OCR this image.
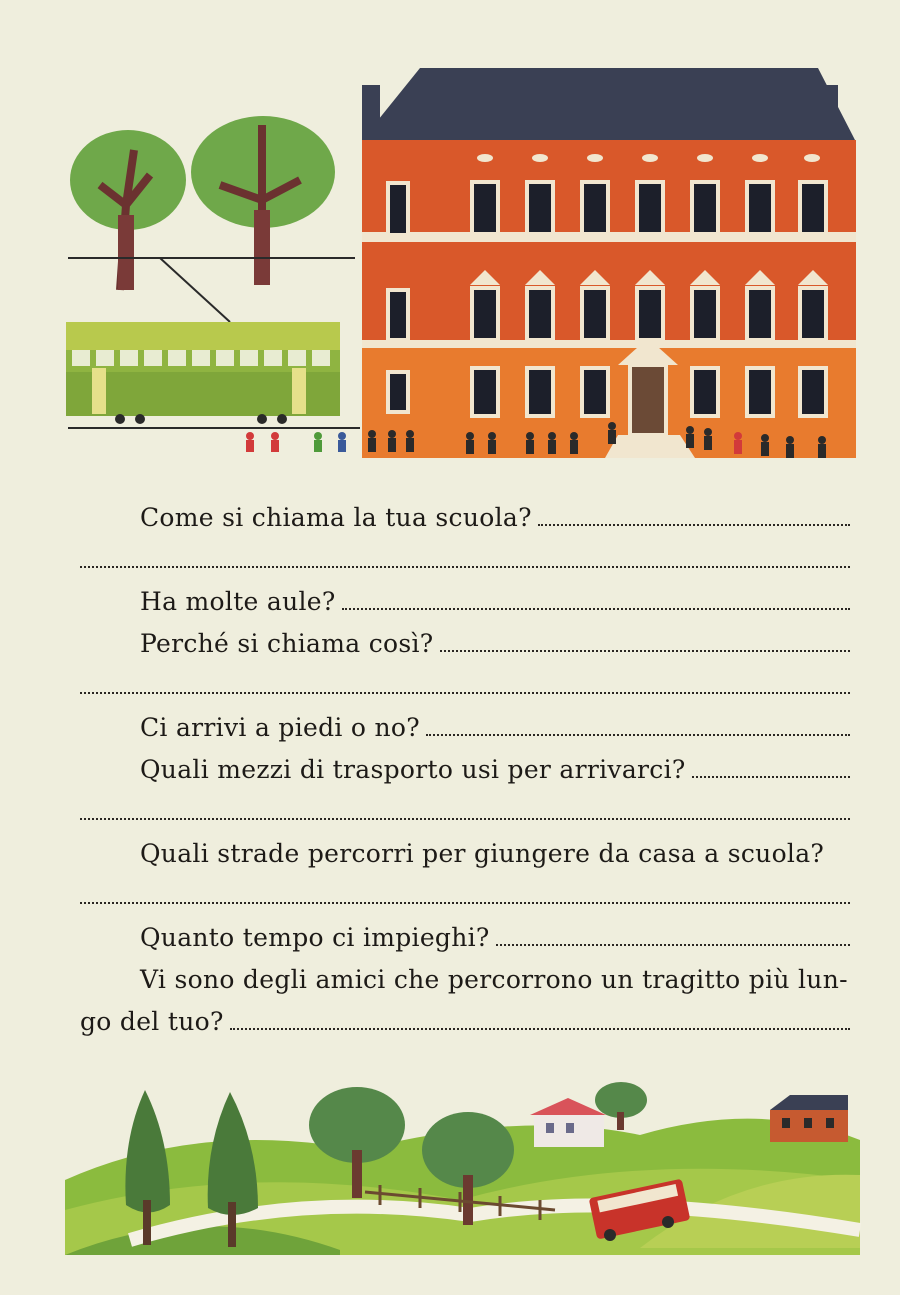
Come si chiama la tua scuola?
Ha molte aule?
Perché si chiama così?
Ci arrivi a piedi o no?
Quali mezzi di trasporto usi per arrivarci?
Quali strade percorri per giungere da casa a scuola?
Quanto tempo ci impieghi?
Vi sono degli amici che percorrono un tragitto più lun-
go del tuo?
